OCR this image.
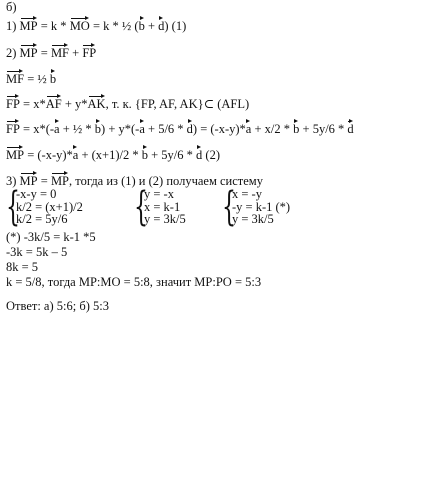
б)
1) MP = k * MO = k * ½ (b + d) (1)
2) MP = MF + FP
MF = ½ b
FP = x*AF + y*AK, т. к. {FP, AF, AK}⊂ (AFL)
FP = x*(-a + ½ * b) + y*(-a + 5/6 * d) = (-x-y)*a + x/2 * b + 5y/6 * d
MP = (-x-y)*a + (x+1)/2 * b + 5y/6 * d (2)
3) MP = MP, тогда из (1) и (2) получаем систему
{
-x-y = 0
k/2 = (x+1)/2
k/2 = 5y/6	{
y = -x
x = k-1
y = 3k/5 {
x = -y
-y = k-1 (*)
y = 3k/5
(*) -3k/5 = k-1 *5
-3k = 5k – 5
8k = 5
k = 5/8, тогда MP:MO = 5:8, значит MP:PO = 5:3
Ответ: а) 5:6; б) 5:3
